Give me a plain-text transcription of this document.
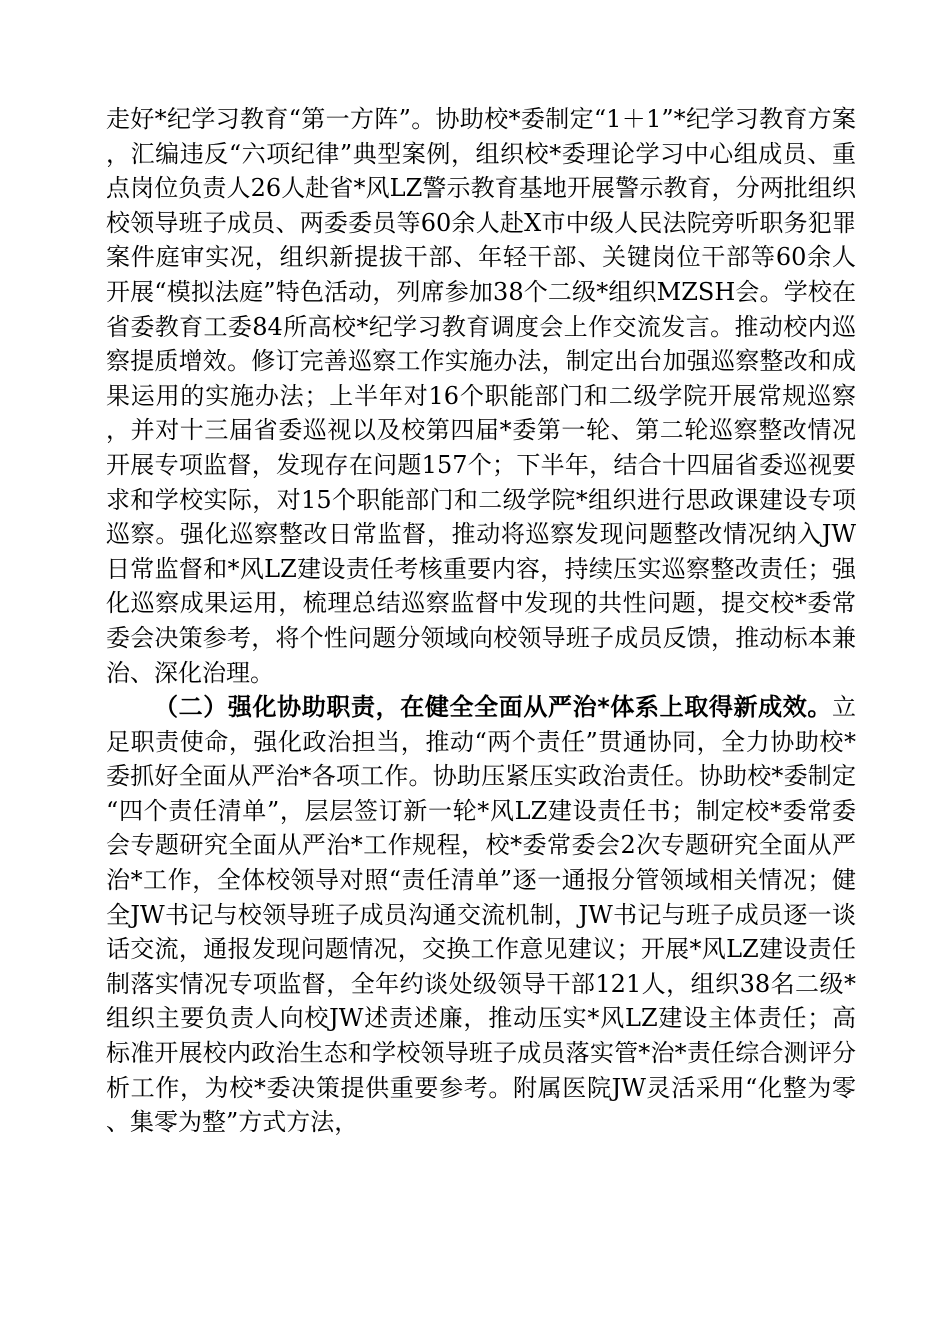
走好*纪学习教育“第一方阵”。协助校*委制定“1＋1”*纪学习教育方案，汇编违反“六项纪律”典型案例，组织校*委理论学习中心组成员、重点岗位负责人26人赴省*风LZ警示教育基地开展警示教育，分两批组织校领导班子成员、两委委员等60余人赴X市中级人民法院旁听职务犯罪案件庭审实况，组织新提拔干部、年轻干部、关键岗位干部等60余人开展“模拟法庭”特色活动，列席参加38个二级*组织MZSH会。学校在省委教育工委84所高校*纪学习教育调度会上作交流发言。推动校内巡察提质增效。修订完善巡察工作实施办法，制定出台加强巡察整改和成果运用的实施办法；上半年对16个职能部门和二级学院开展常规巡察，并对十三届省委巡视以及校第四届*委第一轮、第二轮巡察整改情况开展专项监督，发现存在问题157个；下半年，结合十四届省委巡视要求和学校实际，对15个职能部门和二级学院*组织进行思政课建设专项巡察。强化巡察整改日常监督，推动将巡察发现问题整改情况纳入JW日常监督和*风LZ建设责任考核重要内容，持续压实巡察整改责任；强化巡察成果运用，梳理总结巡察监督中发现的共性问题，提交校*委常委会决策参考，将个性问题分领域向校领导班子成员反馈，推动标本兼治、深化治理。

（二）强化协助职责，在健全全面从严治*体系上取得新成效。立足职责使命，强化政治担当，推动“两个责任”贯通协同，全力协助校*委抓好全面从严治*各项工作。协助压紧压实政治责任。协助校*委制定“四个责任清单”，层层签订新一轮*风LZ建设责任书；制定校*委常委会专题研究全面从严治*工作规程，校*委常委会2次专题研究全面从严治*工作，全体校领导对照“责任清单”逐一通报分管领域相关情况；健全JW书记与校领导班子成员沟通交流机制，JW书记与班子成员逐一谈话交流，通报发现问题情况，交换工作意见建议；开展*风LZ建设责任制落实情况专项监督，全年约谈处级领导干部121人，组织38名二级*组织主要负责人向校JW述责述廉，推动压实*风LZ建设主体责任；高标准开展校内政治生态和学校领导班子成员落实管*治*责任综合测评分析工作，为校*委决策提供重要参考。附属医院JW灵活采用“化整为零、集零为整”方式方法，
